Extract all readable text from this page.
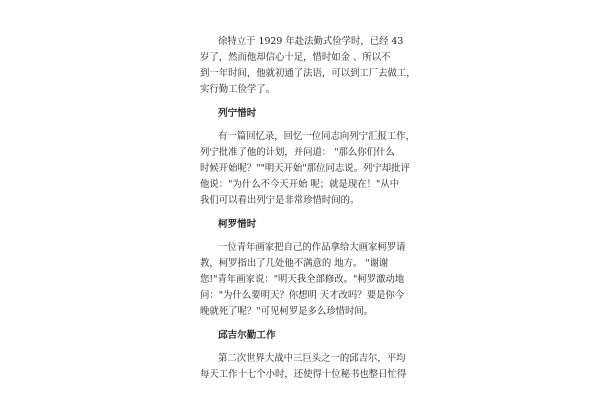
徐特立于 1929 年赴法勤式俭学时，已经 43
岁了，然而他却信心十足，惜时如金 、所以不
到一年时间，他就初通了法语，可以到工厂去做工，
实行勤工俭学了。
列宁惜时
有一篇回忆录，回忆一位同志向列宁汇报工作，
列宁批准了他的计划，并问道： "那么你们什么
时候开始呢？""明天开始"那位同志说。列宁却批评
他说："为什么不今天开始 呢；就是现在！"从中
我们可以看出列宁是非常珍惜时间的。
柯罗惜时
一位青年画家把自己的作品拿给大画家柯罗请
教，柯罗指出了几处他不满意的 地方。 "谢谢
您!"青年画家说："明天我全部修改。"柯罗激动地
问："为什么要明天？你想明 天才改吗？要是你今
晚就死了呢？"可见柯罗是多么珍惜时间。
邱吉尔勤工作
第二次世界大战中三巨头之一的邱吉尔，平均
每天工作十七个小时，还使得十位秘书也整日忙得
